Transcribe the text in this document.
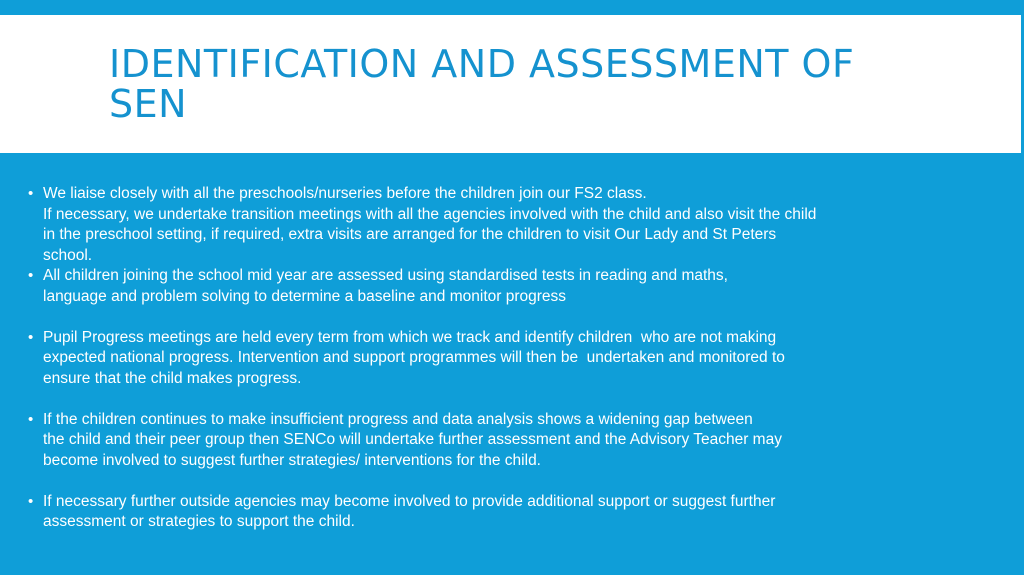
IDENTIFICATION AND ASSESSMENT OF SEN
• We liaise closely with all the preschools/nurseries before the children join our FS2 class.
If necessary, we undertake transition meetings with all the agencies involved with the child and also visit the child
in the preschool setting, if required, extra visits are arranged for the children to visit Our Lady and St Peters
school.
• All children joining the school mid year are assessed using standardised tests in reading and maths,
language and problem solving to determine a baseline and monitor progress
• Pupil Progress meetings are held every term from which we track and identify children  who are not making
expected national progress. Intervention and support programmes will then be  undertaken and monitored to
ensure that the child makes progress.
• If the children continues to make insufficient progress and data analysis shows a widening gap between
the child and their peer group then SENCo will undertake further assessment and the Advisory Teacher may
become involved to suggest further strategies/ interventions for the child.
• If necessary further outside agencies may become involved to provide additional support or suggest further
assessment or strategies to support the child.
